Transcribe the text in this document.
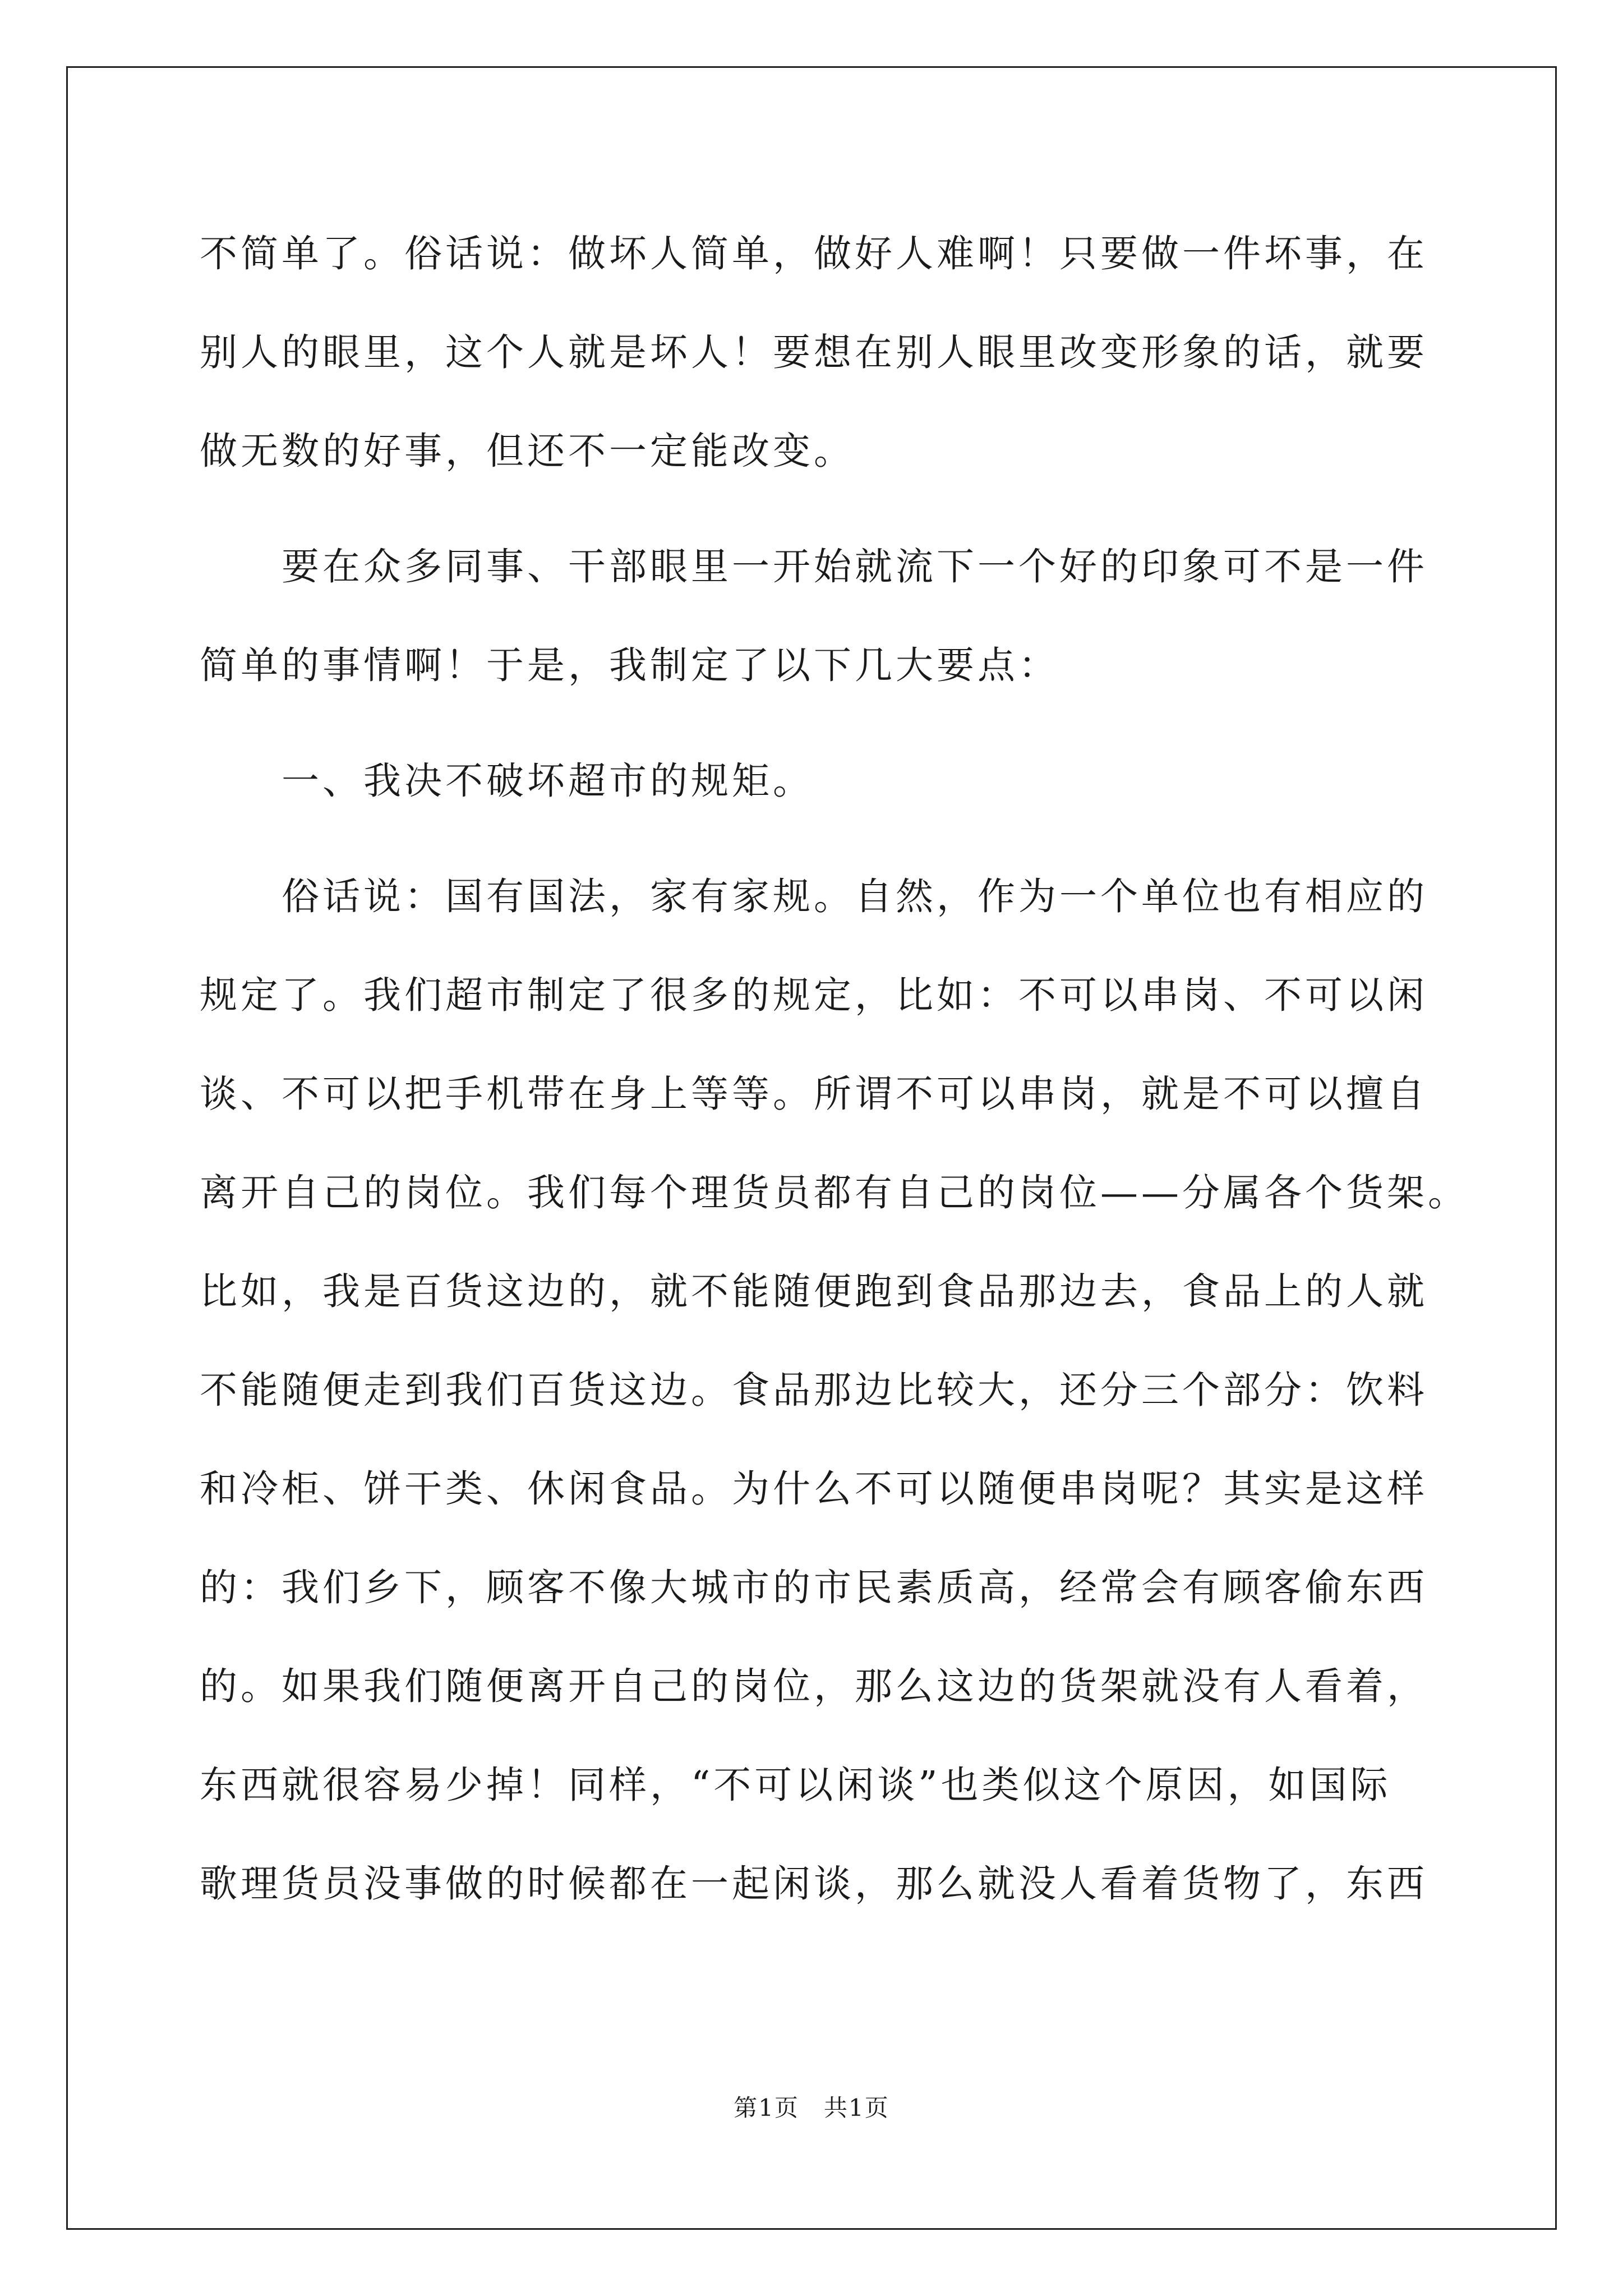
不简单了。俗话说：做坏人简单，做好人难啊！只要做一件坏事，在
别人的眼里，这个人就是坏人！要想在别人眼里改变形象的话，就要
做无数的好事，但还不一定能改变。
要在众多同事、干部眼里一开始就流下一个好的印象可不是一件
简单的事情啊！于是，我制定了以下几大要点：
一、我决不破坏超市的规矩。
俗话说：国有国法，家有家规。自然，作为一个单位也有相应的
规定了。我们超市制定了很多的规定，比如：不可以串岗、不可以闲
谈、不可以把手机带在身上等等。所谓不可以串岗，就是不可以擅自
离开自己的岗位。我们每个理货员都有自己的岗位——分属各个货架。
比如，我是百货这边的，就不能随便跑到食品那边去，食品上的人就
不能随便走到我们百货这边。食品那边比较大，还分三个部分：饮料
和冷柜、饼干类、休闲食品。为什么不可以随便串岗呢？其实是这样
的：我们乡下，顾客不像大城市的市民素质高，经常会有顾客偷东西
的。如果我们随便离开自己的岗位，那么这边的货架就没有人看着，
东西就很容易少掉！同样，“不可以闲谈”也类似这个原因，如国际
歌理货员没事做的时候都在一起闲谈，那么就没人看着货物了，东西
第1页　共1页
